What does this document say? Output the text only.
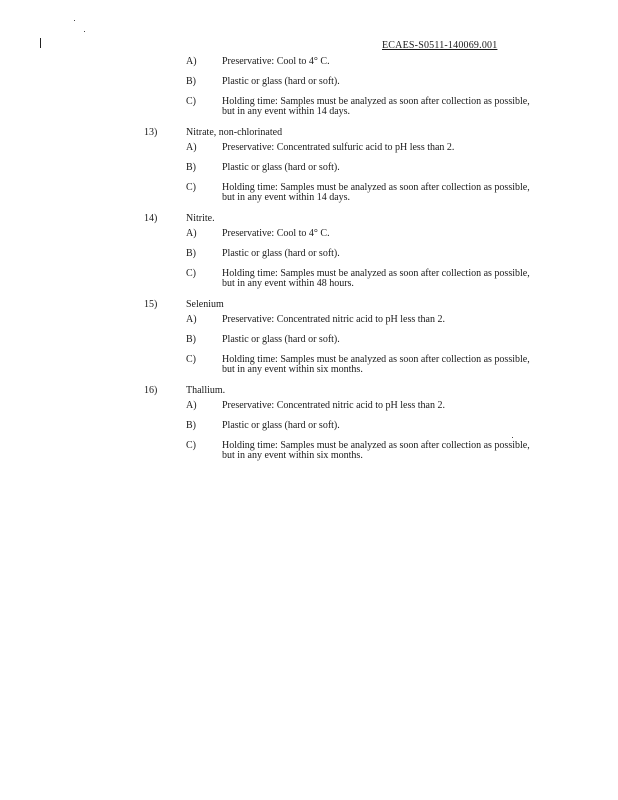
ECAES-S0511-140069.001
A)	Preservative: Cool to 4° C.
B)	Plastic or glass (hard or soft).
C)	Holding time: Samples must be analyzed as soon after collection as possible, but in any event within 14 days.
13)	Nitrate, non-chlorinated
A)	Preservative: Concentrated sulfuric acid to pH less than 2.
B)	Plastic or glass (hard or soft).
C)	Holding time: Samples must be analyzed as soon after collection as possible, but in any event within 14 days.
14)	Nitrite.
A)	Preservative: Cool to 4° C.
B)	Plastic or glass (hard or soft).
C)	Holding time: Samples must be analyzed as soon after collection as possible, but in any event within 48 hours.
15)	Selenium
A)	Preservative: Concentrated nitric acid to pH less than 2.
B)	Plastic or glass (hard or soft).
C)	Holding time: Samples must be analyzed as soon after collection as possible, but in any event within six months.
16)	Thallium.
A)	Preservative: Concentrated nitric acid to pH less than 2.
B)	Plastic or glass (hard or soft).
C)	Holding time: Samples must be analyzed as soon after collection as possible, but in any event within six months.
